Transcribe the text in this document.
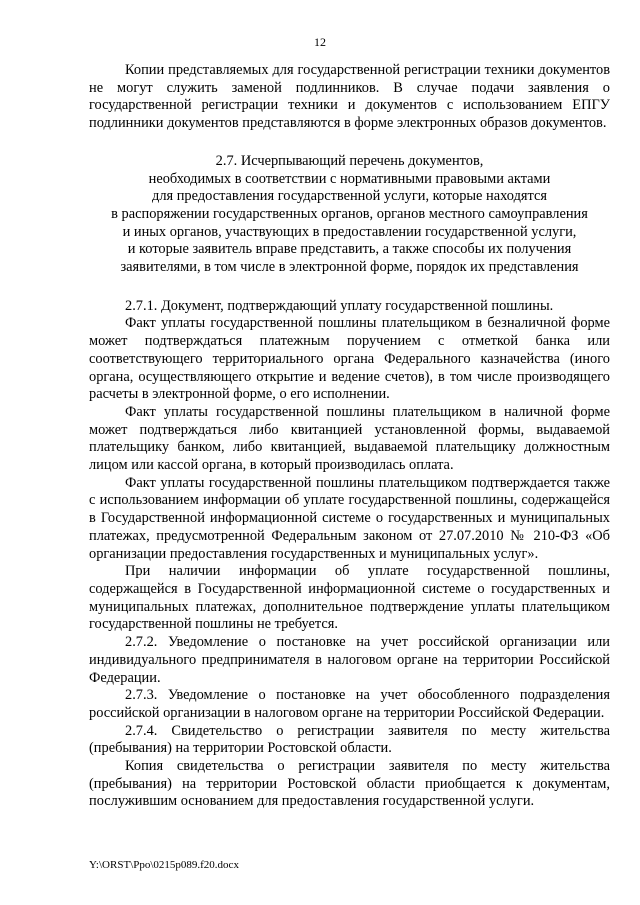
12

Копии представляемых для государственной регистрации техники документов не могут служить заменой подлинников. В случае подачи заявления о государственной регистрации техники и документов с использованием ЕПГУ подлинники документов представляются в форме электронных образов документов.

2.7. Исчерпывающий перечень документов,
необходимых в соответствии с нормативными правовыми актами
для предоставления государственной услуги, которые находятся
в распоряжении государственных органов, органов местного самоуправления
и иных органов, участвующих в предоставлении государственной услуги,
и которые заявитель вправе представить, а также способы их получения
заявителями, в том числе в электронной форме, порядок их представления

2.7.1. Документ, подтверждающий уплату государственной пошлины.

Факт уплаты государственной пошлины плательщиком в безналичной форме может подтверждаться платежным поручением с отметкой банка или соответствующего территориального органа Федерального казначейства (иного органа, осуществляющего открытие и ведение счетов), в том числе производящего расчеты в электронной форме, о его исполнении.

Факт уплаты государственной пошлины плательщиком в наличной форме может подтверждаться либо квитанцией установленной формы, выдаваемой плательщику банком, либо квитанцией, выдаваемой плательщику должностным лицом или кассой органа, в который производилась оплата.

Факт уплаты государственной пошлины плательщиком подтверждается также с использованием информации об уплате государственной пошлины, содержащейся в Государственной информационной системе о государственных и муниципальных платежах, предусмотренной Федеральным законом от 27.07.2010 № 210-ФЗ «Об организации предоставления государственных и муниципальных услуг».

При наличии информации об уплате государственной пошлины, содержащейся в Государственной информационной системе о государственных и муниципальных платежах, дополнительное подтверждение уплаты плательщиком государственной пошлины не требуется.

2.7.2. Уведомление о постановке на учет российской организации или индивидуального предпринимателя в налоговом органе на территории Российской Федерации.

2.7.3. Уведомление о постановке на учет обособленного подразделения российской организации в налоговом органе на территории Российской Федерации.

2.7.4. Свидетельство о регистрации заявителя по месту жительства (пребывания) на территории Ростовской области.

Копия свидетельства о регистрации заявителя по месту жительства (пребывания) на территории Ростовской области приобщается к документам, послужившим основанием для предоставления государственной услуги.

Y:\ORST\Ppo\0215p089.f20.docx
